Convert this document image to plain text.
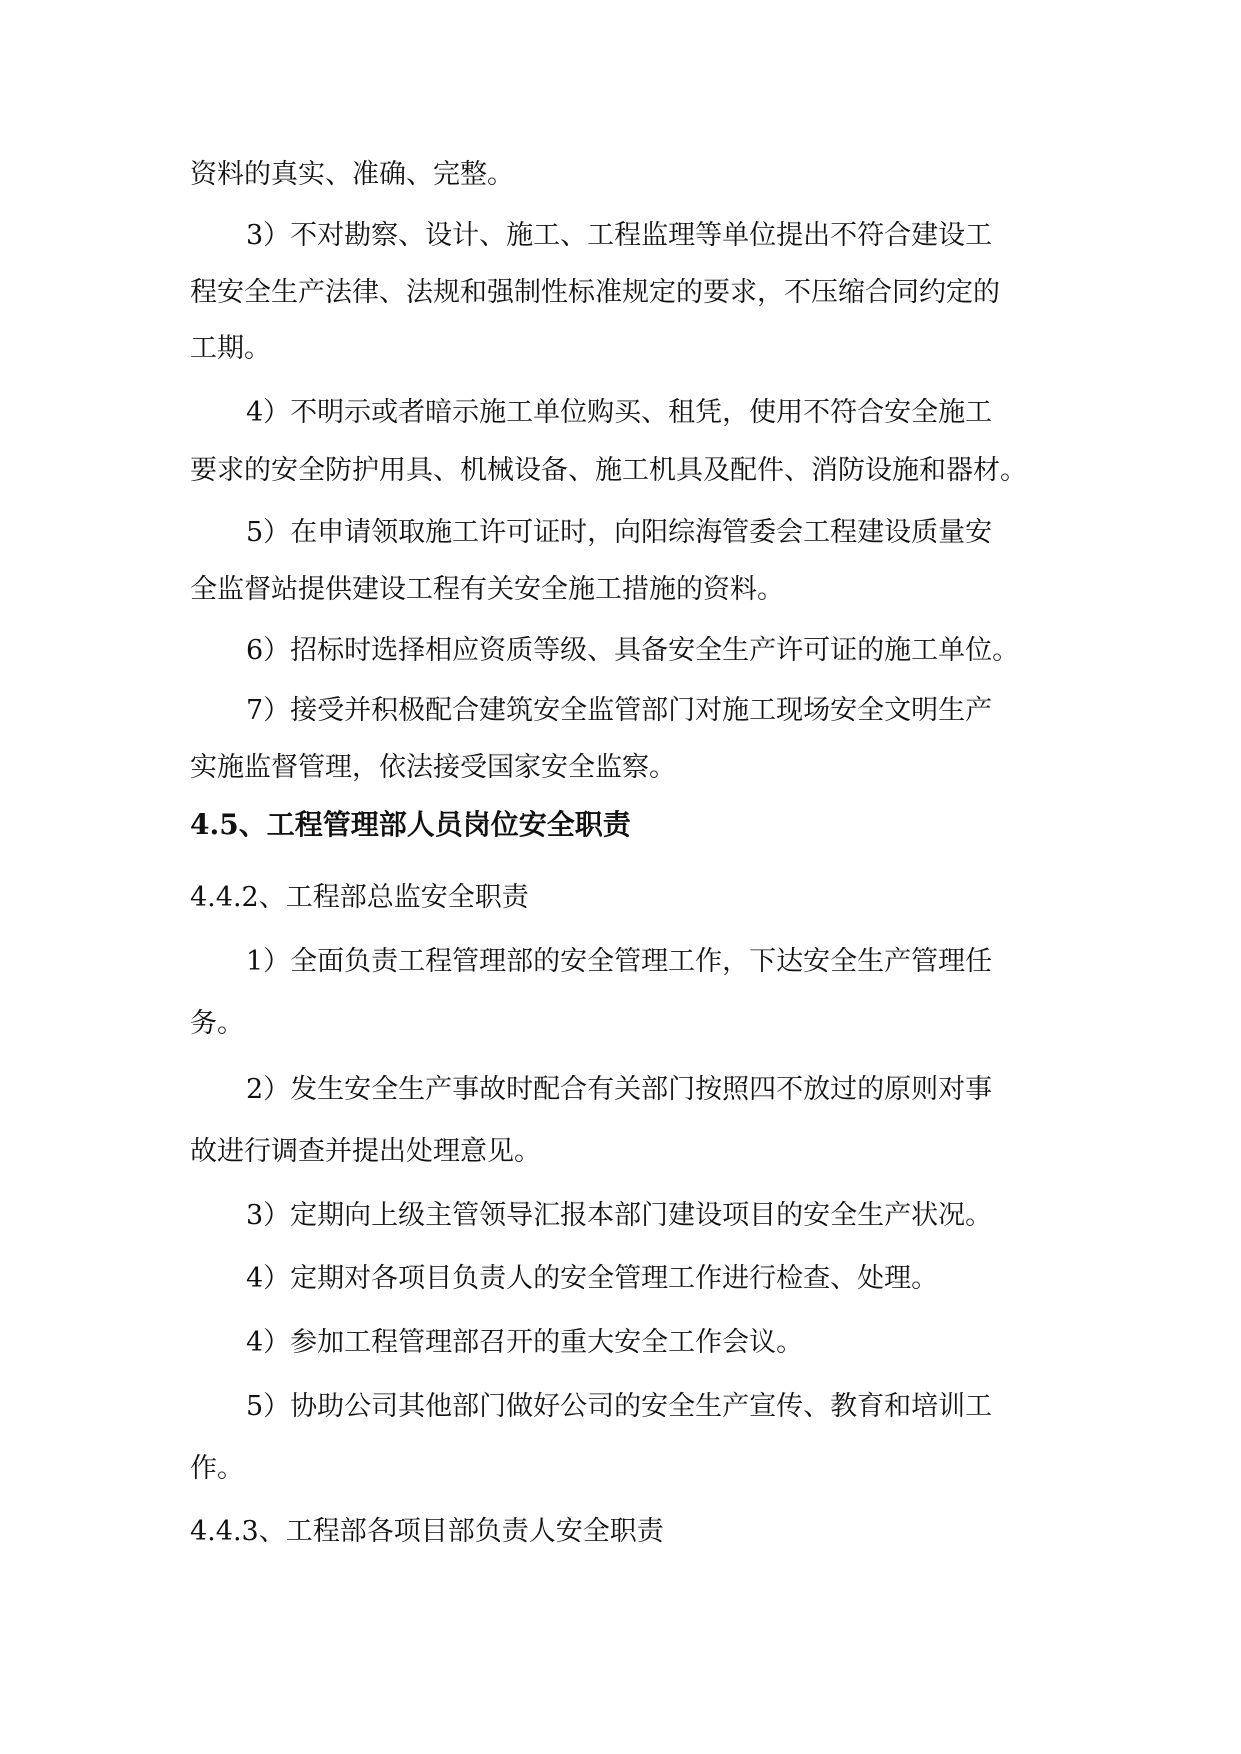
资料的真实、准确、完整。
3）不对勘察、设计、施工、工程监理等单位提出不符合建设工
程安全生产法律、法规和强制性标准规定的要求，不压缩合同约定的
工期。
4）不明示或者暗示施工单位购买、租凭，使用不符合安全施工
要求的安全防护用具、机械设备、施工机具及配件、消防设施和器材。
5）在申请领取施工许可证时，向阳综海管委会工程建设质量安
全监督站提供建设工程有关安全施工措施的资料。
6）招标时选择相应资质等级、具备安全生产许可证的施工单位。
7）接受并积极配合建筑安全监管部门对施工现场安全文明生产
实施监督管理，依法接受国家安全监察。
4.5、工程管理部人员岗位安全职责
4.4.2、工程部总监安全职责
1）全面负责工程管理部的安全管理工作，下达安全生产管理任
务。
2）发生安全生产事故时配合有关部门按照四不放过的原则对事
故进行调查并提出处理意见。
3）定期向上级主管领导汇报本部门建设项目的安全生产状况。
4）定期对各项目负责人的安全管理工作进行检查、处理。
4）参加工程管理部召开的重大安全工作会议。
5）协助公司其他部门做好公司的安全生产宣传、教育和培训工
作。
4.4.3、工程部各项目部负责人安全职责
